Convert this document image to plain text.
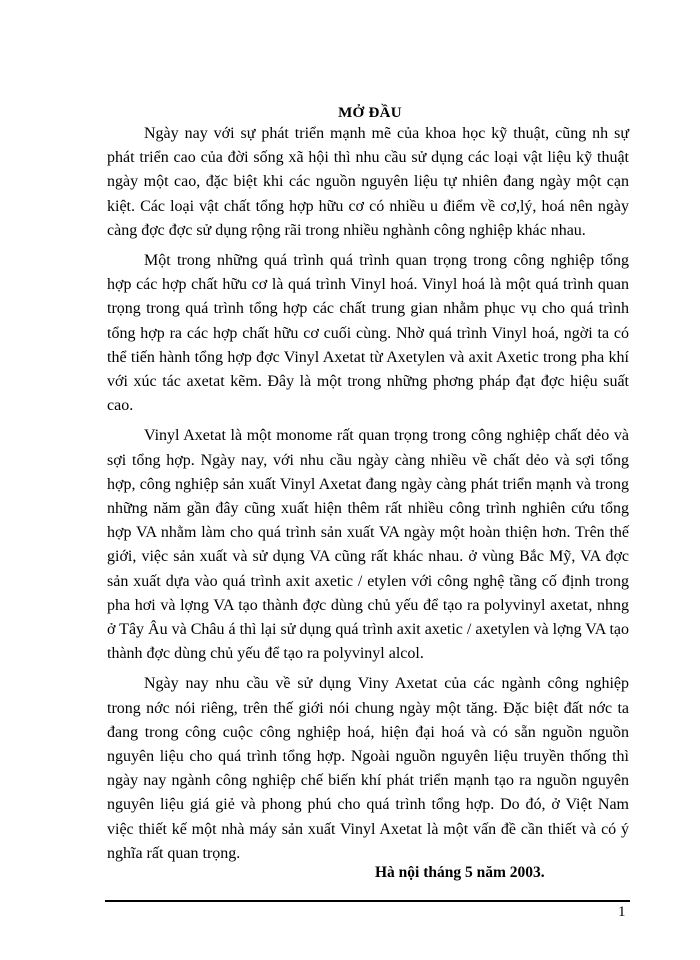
MỞ ĐẦU

Ngày nay với sự phát triển mạnh mẽ của khoa học kỹ thuật, cũng nh sự phát triển cao của đời sống xã hội thì nhu cầu sử dụng các loại vật liệu kỹ thuật ngày một cao, đặc biệt khi các nguồn nguyên liệu tự nhiên đang ngày một cạn kiệt. Các loại vật chất tổng hợp hữu cơ có nhiều u điểm về cơ,lý, hoá nên ngày càng đợc đợc sử dụng rộng rãi trong nhiều nghành công nghiệp khác nhau.

Một trong những quá trình quá trình quan trọng trong công nghiệp tổng hợp các hợp chất hữu cơ là quá trình Vinyl hoá. Vinyl hoá là một quá trình quan trọng trong quá trình tổng hợp các chất trung gian nhằm phục vụ cho quá trình tổng hợp ra các hợp chất hữu cơ cuối cùng. Nhờ quá trình Vinyl hoá, ngời ta có thể tiến hành tổng hợp đợc Vinyl Axetat từ Axetylen và axit Axetic trong pha khí với xúc tác axetat kẽm. Đây là một trong những phơng pháp đạt đợc hiệu suất cao.

Vinyl Axetat là một monome rất quan trọng trong công nghiệp chất dẻo và sợi tổng hợp. Ngày nay, với nhu cầu ngày càng nhiều về chất dẻo và sợi tổng hợp, công nghiệp sản xuất Vinyl Axetat đang ngày càng phát triển mạnh và trong những năm gần đây cũng xuất hiện thêm rất nhiều công trình nghiên cứu tổng hợp VA nhằm làm cho quá trình sản xuất VA ngày một hoàn thiện hơn. Trên thế giới, việc sản xuất và sử dụng VA cũng rất khác nhau. ở vùng Bắc Mỹ, VA đợc sản xuất dựa vào quá trình axit axetic / etylen với công nghệ tầng cố định trong pha hơi và lợng VA tạo thành đợc dùng chủ yếu để tạo ra polyvinyl axetat, nhng ở Tây Âu và Châu á thì lại sử dụng quá trình axit axetic / axetylen và lợng VA tạo thành đợc dùng chủ yếu để tạo ra polyvinyl alcol.

Ngày nay nhu cầu về sử dụng Viny Axetat của các ngành công nghiệp trong nớc nói riêng, trên thế giới nói chung ngày một tăng. Đặc biệt đất nớc ta đang trong công cuộc công nghiệp hoá, hiện đại hoá và có sẵn nguồn nguồn nguyên liệu cho quá trình tổng hợp. Ngoài nguồn nguyên liệu truyền thống thì ngày nay ngành công nghiệp chế biến khí phát triển mạnh tạo ra nguồn nguyên nguyên liệu giá giẻ và phong phú cho quá trình tổng hợp. Do đó, ở Việt Nam việc thiết kế một nhà máy sản xuất Vinyl Axetat là một vấn đề cần thiết và có ý nghĩa rất quan trọng.

Hà nội tháng 5 năm 2003.
1
